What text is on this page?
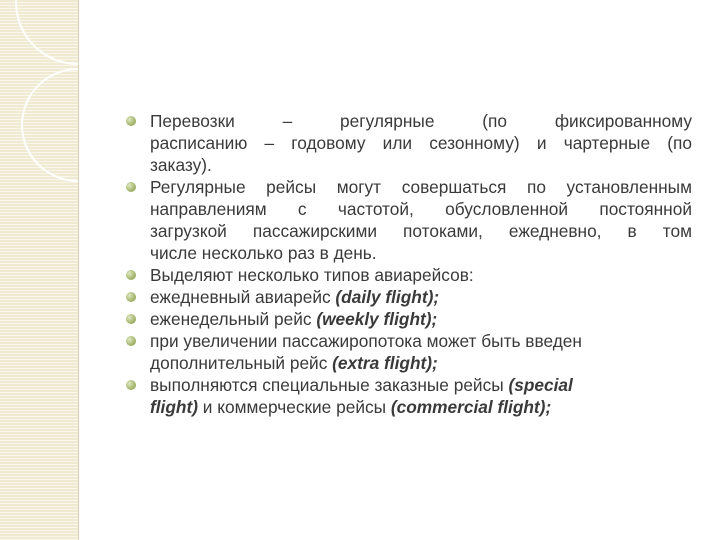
Перевозки – регулярные (по фиксированному
расписанию – годовому или сезонному) и чартерные (по
заказу).
Регулярные рейсы могут совершаться по установленным
направлениям с частотой, обусловленной постоянной
загрузкой пассажирскими потоками, ежедневно, в том
числе несколько раз в день.
Выделяют несколько типов авиарейсов:
ежедневный авиарейс (daily flight);
еженедельный рейс (weekly flight);
при увеличении пассажиропотока может быть введен
дополнительный рейс (extra flight);
выполняются специальные заказные рейсы (special
flight) и коммерческие рейсы (commercial flight);
